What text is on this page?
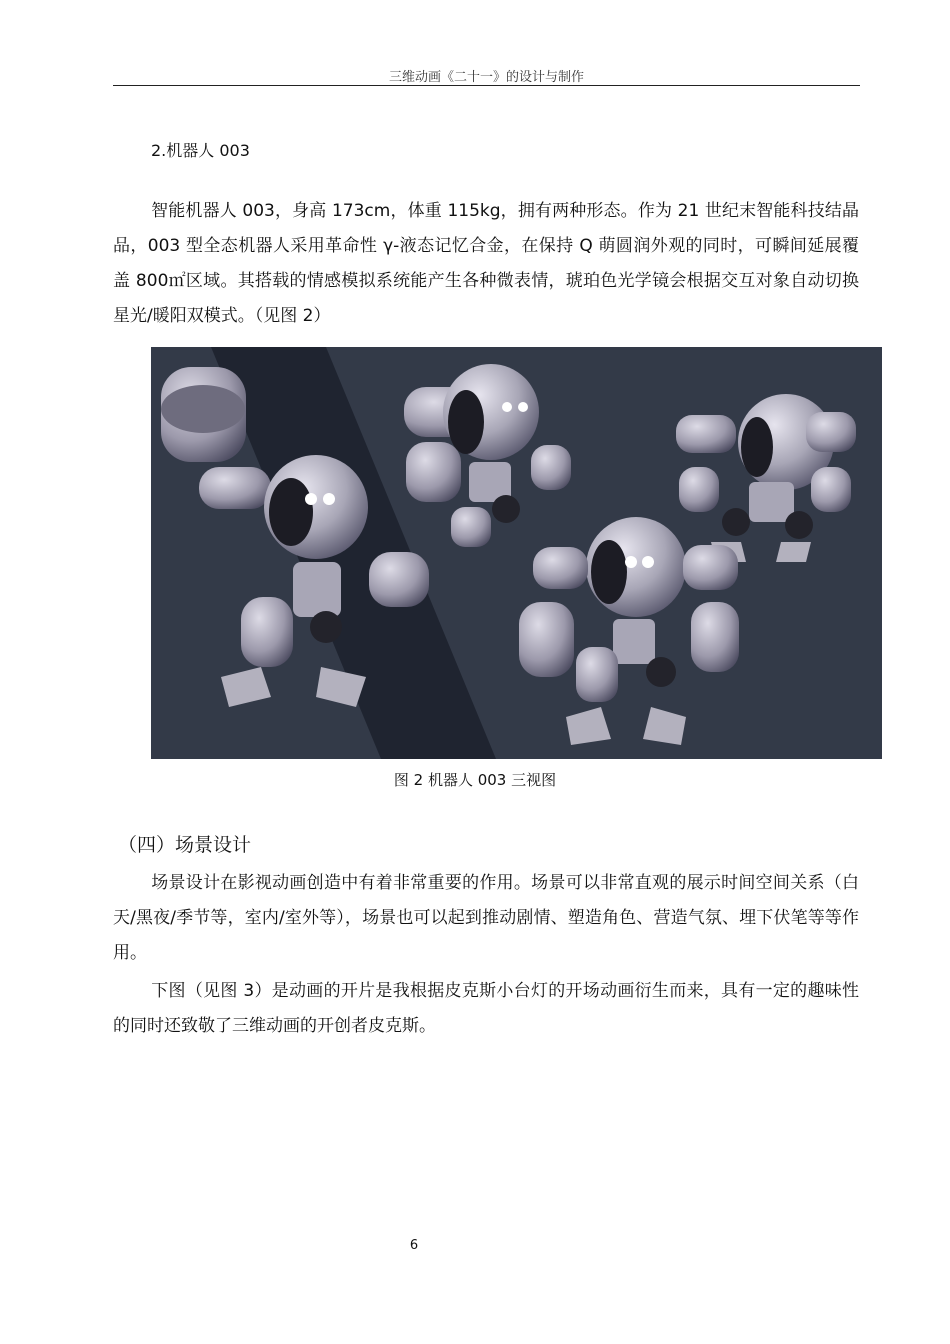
三维动画《二十一》的设计与制作
2.机器人 003

智能机器人 003，身高 173cm，体重 115kg，拥有两种形态。作为 21 世纪末智能科技结晶品，003 型全态机器人采用革命性 γ-液态记忆合金，在保持 Q 萌圆润外观的同时，可瞬间延展覆盖 800㎡区域。其搭载的情感模拟系统能产生各种微表情，琥珀色光学镜会根据交互对象自动切换星光/暖阳双模式。（见图 2）

图 2 机器人 003 三视图
（四）场景设计

场景设计在影视动画创造中有着非常重要的作用。场景可以非常直观的展示时间空间关系（白天/黑夜/季节等，室内/室外等），场景也可以起到推动剧情、塑造角色、营造气氛、埋下伏笔等等作用。

下图（见图 3）是动画的开片是我根据皮克斯小台灯的开场动画衍生而来，具有一定的趣味性的同时还致敬了三维动画的开创者皮克斯。

6
